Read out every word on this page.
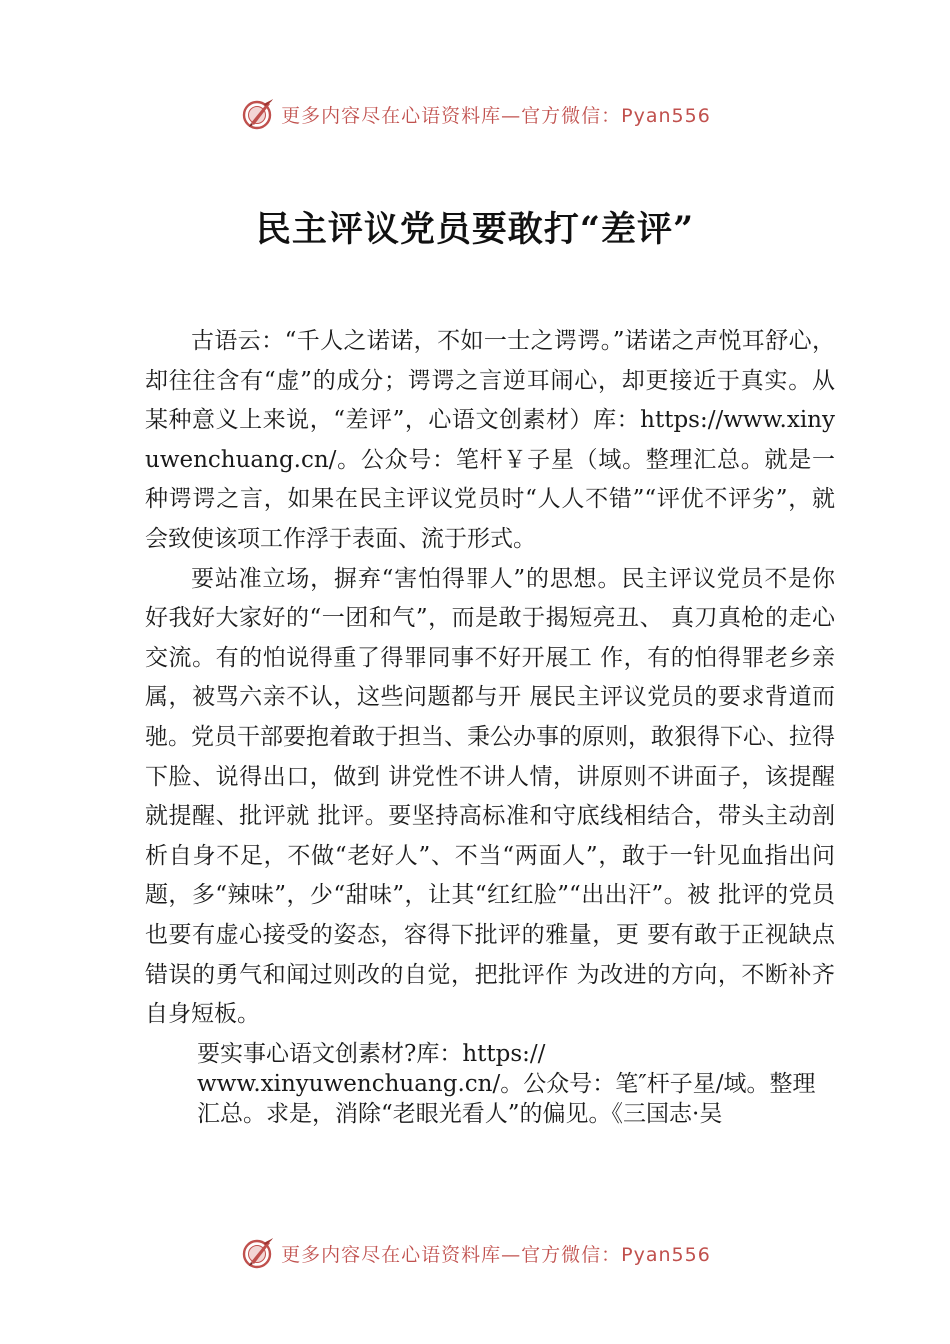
更多内容尽在心语资料库—官方微信：Pyan556
民主评议党员要敢打“差评”

古语云：“千人之诺诺，不如一士之谔谔。”诺诺之声悦耳舒心，却往往含有“虚”的成分；谔谔之言逆耳闹心，却更接近于真实。从某种意义上来说，“差评”，心语文创素材）库：https://www.xinyuwenchuang.cn/。公众号：笔杆￥子星（域。整理汇总。就是一种谔谔之言，如果在民主评议党员时“人人不错”“评优不评劣”，就会致使该项工作浮于表面、流于形式。

要站准立场，摒弃“害怕得罪人”的思想。民主评议党员不是你好我好大家好的“一团和气”，而是敢于揭短亮丑、 真刀真枪的走心交流。有的怕说得重了得罪同事不好开展工 作，有的怕得罪老乡亲属，被骂六亲不认，这些问题都与开 展民主评议党员的要求背道而驰。党员干部要抱着敢于担当、秉公办事的原则，敢狠得下心、拉得下脸、说得出口，做到 讲党性不讲人情，讲原则不讲面子，该提醒就提醒、批评就 批评。要坚持高标准和守底线相结合，带头主动剖析自身不足，不做“老好人”、不当“两面人”，敢于一针见血指出问 题，多“辣味”，少“甜味”，让其“红红脸”“出出汗”。被 批评的党员也要有虚心接受的姿态，容得下批评的雅量，更 要有敢于正视缺点错误的勇气和闻过则改的自觉，把批评作 为改进的方向，不断补齐自身短板。

要实事心语文创素材?库：https://
www.xinyuwenchuang.cn/。公众号：笔″杆子星/域。整理
汇总。求是，消除“老眼光看人”的偏见。《三国志·吴
更多内容尽在心语资料库—官方微信：Pyan556
